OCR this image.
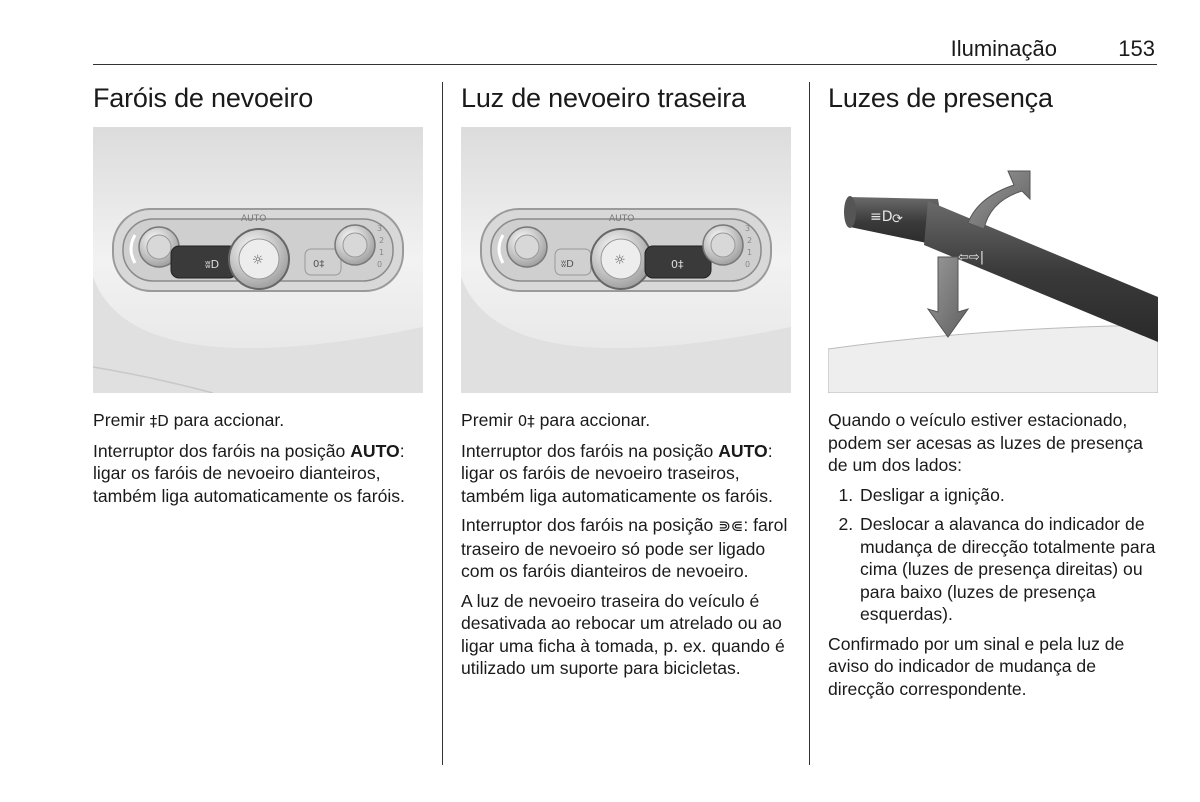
Iluminação	153
Faróis de nevoeiro
ʬD	☼
AUTO
0‡
3
2
1
0

Premir ‡D para accionar.

Interruptor dos faróis na posição AUTO: ligar os faróis de nevoeiro dianteiros, também liga automaticamente os faróis.

Luz de nevoeiro traseira
ʬD	☼
AUTO
0‡
3
2
1
0

Premir 0‡ para accionar.

Interruptor dos faróis na posição AUTO: ligar os faróis de nevoeiro traseiros, também liga automaticamente os faróis.

Interruptor dos faróis na posição ⋑⋐: farol traseiro de nevoeiro só pode ser ligado com os faróis dianteiros de nevoeiro.

A luz de nevoeiro traseira do veículo é desativada ao rebocar um atrelado ou ao ligar uma ficha à tomada, p. ex. quando é utilizado um suporte para bicicletas.

Luzes de presença
≡D ⟳
⇦⇨|

Quando o veículo estiver estacionado, podem ser acesas as luzes de presença de um dos lados:

1. Desligar a ignição.
2. Deslocar a alavanca do indicador de mudança de direcção totalmente para cima (luzes de presença direitas) ou para baixo (luzes de presença esquerdas).

Confirmado por um sinal e pela luz de aviso do indicador de mudança de direcção correspondente.
